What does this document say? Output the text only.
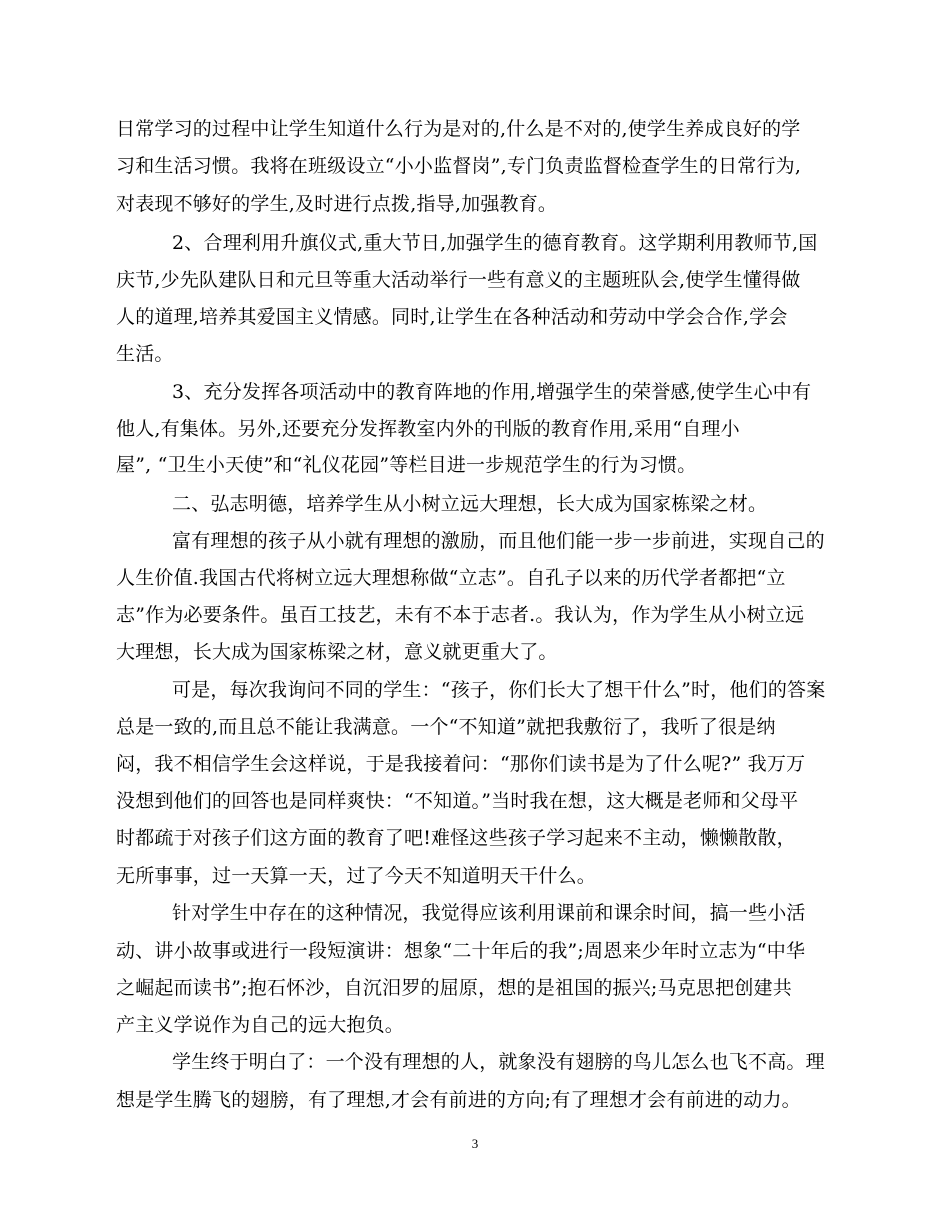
日常学习的过程中让学生知道什么行为是对的,什么是不对的,使学生养成良好的学

习和生活习惯。我将在班级设立“小小监督岗”,专门负责监督检查学生的日常行为,

对表现不够好的学生,及时进行点拨,指导,加强教育。

2、合理利用升旗仪式,重大节日,加强学生的德育教育。这学期利用教师节,国

庆节,少先队建队日和元旦等重大活动举行一些有意义的主题班队会,使学生懂得做

人的道理,培养其爱国主义情感。同时,让学生在各种活动和劳动中学会合作,学会

生活。

3、充分发挥各项活动中的教育阵地的作用,增强学生的荣誉感,使学生心中有

他人,有集体。另外,还要充分发挥教室内外的刊版的教育作用,采用“自理小

屋”, “卫生小天使”和“礼仪花园”等栏目进一步规范学生的行为习惯。

二、弘志明德，培养学生从小树立远大理想，长大成为国家栋梁之材。

富有理想的孩子从小就有理想的激励，而且他们能一步一步前进，实现自己的

人生价值.我国古代将树立远大理想称做“立志”。自孔子以来的历代学者都把“立

志”作为必要条件。虽百工技艺，未有不本于志者.。我认为，作为学生从小树立远

大理想，长大成为国家栋梁之材，意义就更重大了。

可是，每次我询问不同的学生：“孩子，你们长大了想干什么”时，他们的答案

总是一致的,而且总不能让我满意。一个“不知道”就把我敷衍了，我听了很是纳

闷，我不相信学生会这样说，于是我接着问：“那你们读书是为了什么呢?” 我万万

没想到他们的回答也是同样爽快：“不知道。”当时我在想，这大概是老师和父母平

时都疏于对孩子们这方面的教育了吧!难怪这些孩子学习起来不主动，懒懒散散，

无所事事，过一天算一天，过了今天不知道明天干什么。

针对学生中存在的这种情况，我觉得应该利用课前和课余时间，搞一些小活

动、讲小故事或进行一段短演讲：想象“二十年后的我”;周恩来少年时立志为“中华

之崛起而读书”;抱石怀沙，自沉汨罗的屈原，想的是祖国的振兴;马克思把创建共

产主义学说作为自己的远大抱负。

学生终于明白了：一个没有理想的人，就象没有翅膀的鸟儿怎么也飞不高。理

想是学生腾飞的翅膀，有了理想,才会有前进的方向;有了理想才会有前进的动力。

3
